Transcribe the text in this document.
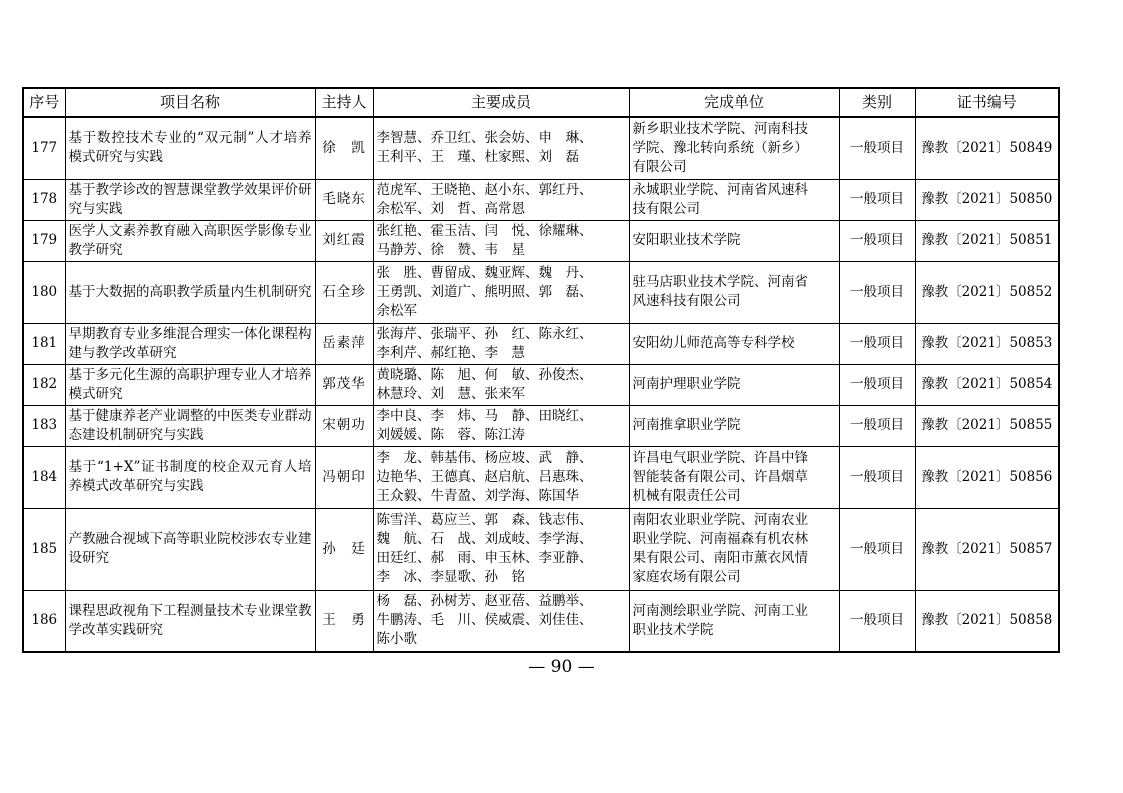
序号	项目名称	主持人	主要成员	完成单位	类别	证书编号
177	基于数控技术专业的“双元制”人才培养模式研究与实践	徐　凯	李智慧、乔卫红、张会妨、申　琳、
王利平、王　瑾、杜家熙、刘　磊	新乡职业技术学院、河南科技
学院、豫北转向系统（新乡）
有限公司	一般项目	豫教〔2021〕50849
178	基于教学诊改的智慧课堂教学效果评价研究与实践	毛晓东	范虎军、王晓艳、赵小东、郭红丹、
余松军、刘　哲、高常恩	永城职业学院、河南省风速科
技有限公司	一般项目	豫教〔2021〕50850
179	医学人文素养教育融入高职医学影像专业教学研究	刘红霞	张红艳、霍玉洁、闫　悦、徐耀琳、
马静芳、徐　赞、韦　星	安阳职业技术学院	一般项目	豫教〔2021〕50851
180	基于大数据的高职教学质量内生机制研究	石全珍	张　胜、曹留成、魏亚辉、魏　丹、
王勇凯、刘道广、熊明照、郭　磊、
余松军	驻马店职业技术学院、河南省
风速科技有限公司	一般项目	豫教〔2021〕50852
181	早期教育专业多维混合理实一体化课程构建与教学改革研究	岳素萍	张海芹、张瑞平、孙　红、陈永红、
李利芹、郝红艳、李　慧	安阳幼儿师范高等专科学校	一般项目	豫教〔2021〕50853
182	基于多元化生源的高职护理专业人才培养模式研究	郭茂华	黄晓璐、陈　旭、何　敏、孙俊杰、
林慧玲、刘　慧、张来军	河南护理职业学院	一般项目	豫教〔2021〕50854
183	基于健康养老产业调整的中医类专业群动态建设机制研究与实践	宋朝功	李中良、李　炜、马　静、田晓红、
刘媛媛、陈　蓉、陈江涛	河南推拿职业学院	一般项目	豫教〔2021〕50855
184	基于“1+X”证书制度的校企双元育人培养模式改革研究与实践	冯朝印	李　龙、韩基伟、杨应坡、武　静、
边艳华、王德真、赵启航、吕惠珠、
王众毅、牛青盈、刘学海、陈国华	许昌电气职业学院、许昌中锋
智能装备有限公司、许昌烟草
机械有限责任公司	一般项目	豫教〔2021〕50856
185	产教融合视域下高等职业院校涉农专业建设研究	孙　廷	陈雪洋、葛应兰、郭　森、钱志伟、
魏　航、石　战、刘成岐、李学海、
田廷红、郝　雨、申玉林、李亚静、
李　冰、李显歌、孙　铭	南阳农业职业学院、河南农业
职业学院、河南福森有机农林
果有限公司、南阳市薰衣风情
家庭农场有限公司	一般项目	豫教〔2021〕50857
186	课程思政视角下工程测量技术专业课堂教学改革实践研究	王　勇	杨　磊、孙树芳、赵亚蓓、益鹏举、
牛鹏涛、毛　川、侯威震、刘佳佳、
陈小歌	河南测绘职业学院、河南工业
职业技术学院	一般项目	豫教〔2021〕50858
— 90 —
